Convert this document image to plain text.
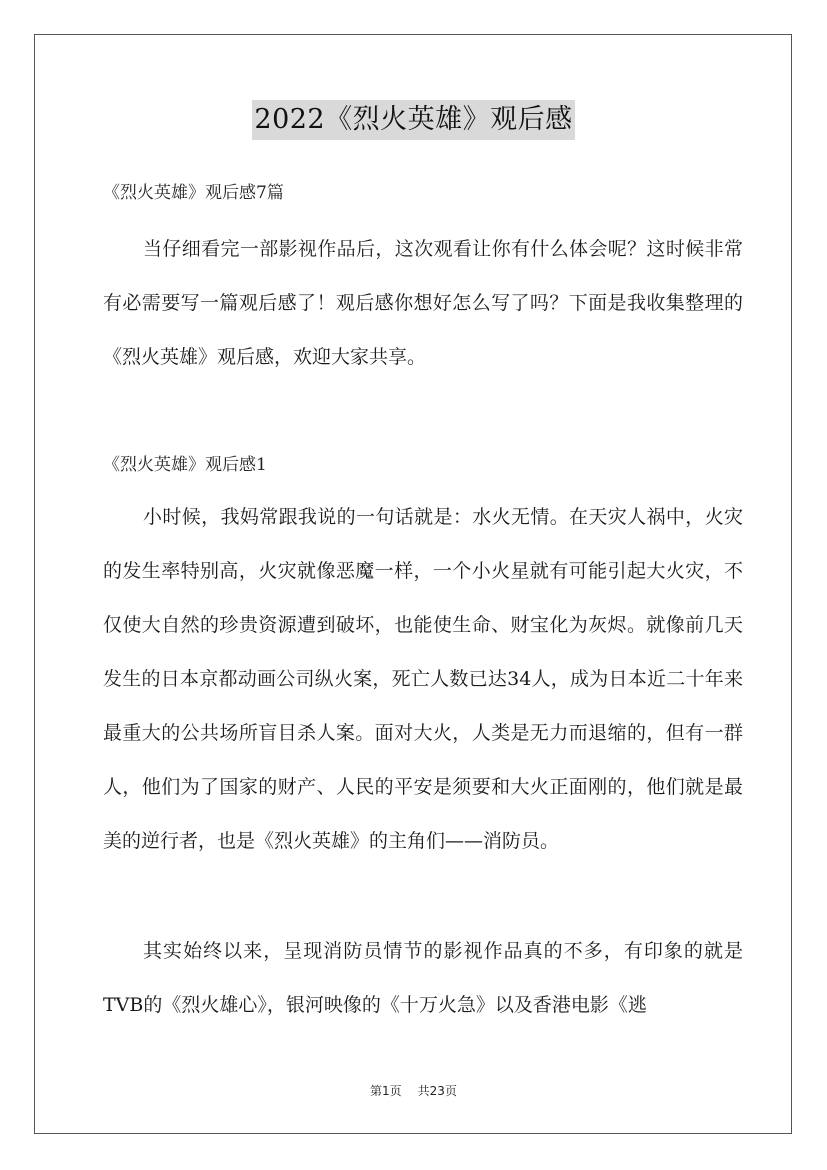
2022《烈火英雄》观后感
《烈火英雄》观后感7篇

当仔细看完一部影视作品后，这次观看让你有什么体会呢？这时候非常有必需要写一篇观后感了！观后感你想好怎么写了吗？下面是我收集整理的《烈火英雄》观后感，欢迎大家共享。

《烈火英雄》观后感1

小时候，我妈常跟我说的一句话就是：水火无情。在天灾人祸中，火灾的发生率特别高，火灾就像恶魔一样，一个小火星就有可能引起大火灾，不仅使大自然的珍贵资源遭到破坏，也能使生命、财宝化为灰烬。就像前几天发生的日本京都动画公司纵火案，死亡人数已达34人，成为日本近二十年来最重大的公共场所盲目杀人案。面对大火，人类是无力而退缩的，但有一群人，他们为了国家的财产、人民的平安是须要和大火正面刚的，他们就是最美的逆行者，也是《烈火英雄》的主角们——消防员。

其实始终以来，呈现消防员情节的影视作品真的不多，有印象的就是TVB的《烈火雄心》，银河映像的《十万火急》以及香港电影《逃

第1页 共23页
